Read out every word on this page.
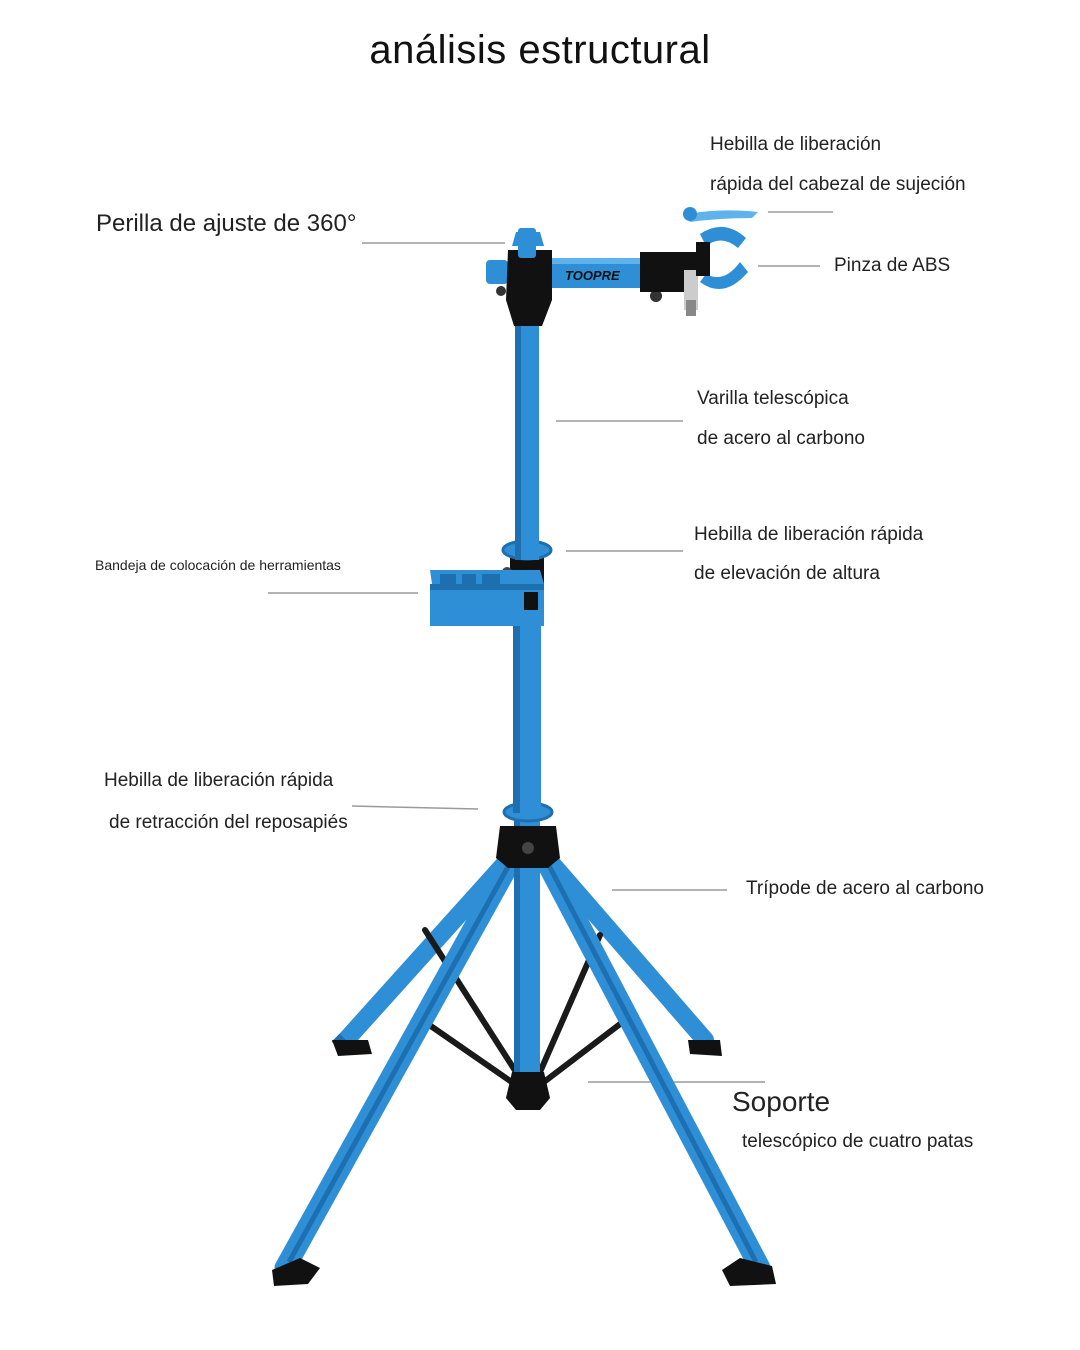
análisis estructural
TOOPRE
Hebilla de liberación
rápida del cabezal de sujeción
Perilla de ajuste de 360°
Pinza de ABS
Varilla telescópica
de acero al carbono
Hebilla de liberación rápida
de elevación de altura
Bandeja de colocación de herramientas
Hebilla de liberación rápida
de retracción del reposapiés
Trípode de acero al carbono
Soporte
telescópico de cuatro patas
